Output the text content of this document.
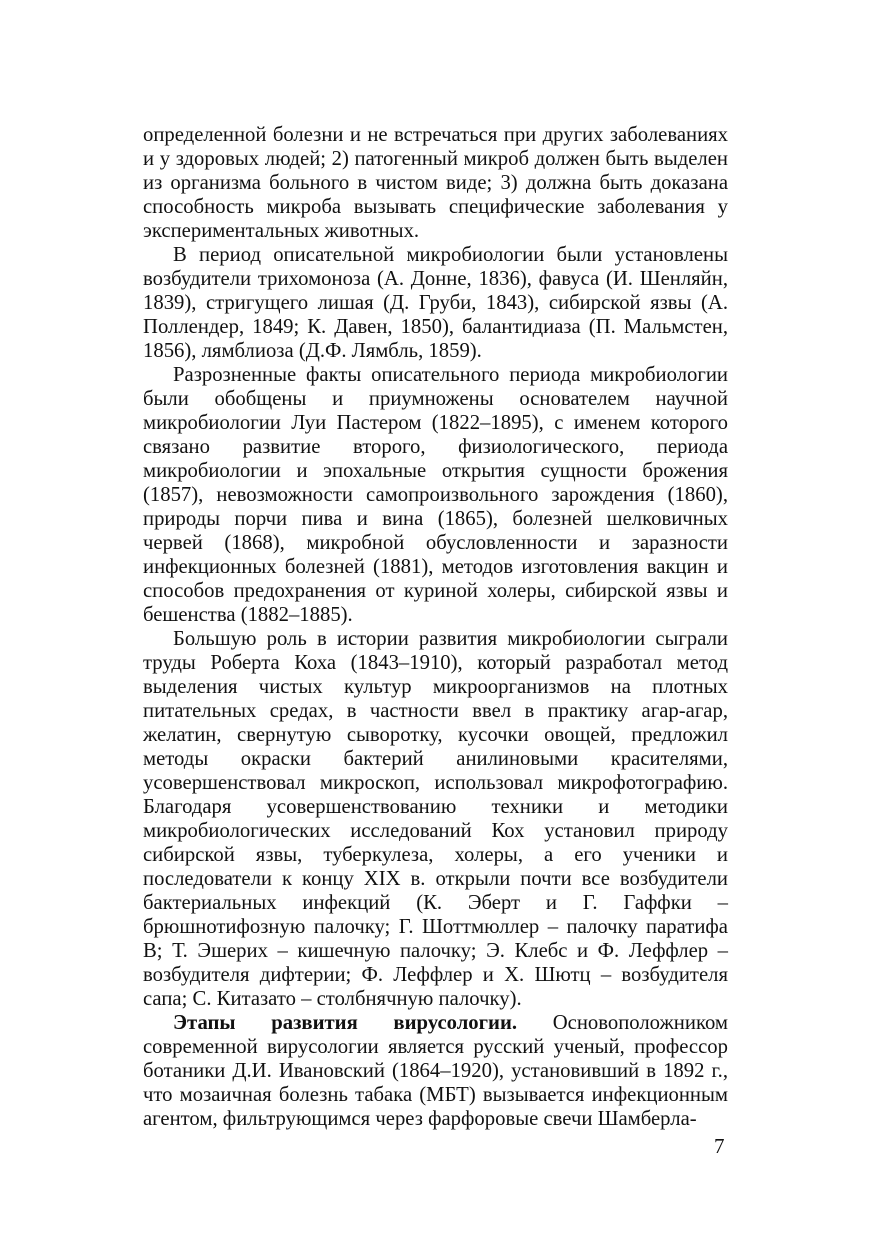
определенной болезни и не встречаться при других заболеваниях и у здоровых людей; 2) патогенный микроб должен быть выделен из организма больного в чистом виде; 3) должна быть доказана способность микроба вызывать специфические заболевания у экспериментальных животных.

В период описательной микробиологии были установлены возбудители трихомоноза (А. Донне, 1836), фавуса (И. Шенляйн, 1839), стригущего лишая (Д. Груби, 1843), сибирской язвы (А. Поллендер, 1849; К. Давен, 1850), балантидиаза (П. Мальмстен, 1856), лямблиоза (Д.Ф. Лямбль, 1859).

Разрозненные факты описательного периода микробиологии были обобщены и приумножены основателем научной микробиологии Луи Пастером (1822–1895), с именем которого связано развитие второго, физиологического, периода микробиологии и эпохальные открытия сущности брожения (1857), невозможности самопроизвольного зарождения (1860), природы порчи пива и вина (1865), болезней шелковичных червей (1868), микробной обусловленности и заразности инфекционных болезней (1881), методов изготовления вакцин и способов предохранения от куриной холеры, сибирской язвы и бешенства (1882–1885).

Большую роль в истории развития микробиологии сыграли труды Роберта Коха (1843–1910), который разработал метод выделения чистых культур микроорганизмов на плотных питательных средах, в частности ввел в практику агар-агар, желатин, свернутую сыворотку, кусочки овощей, предложил методы окраски бактерий анилиновыми красителями, усовершенствовал микроскоп, использовал микрофотографию. Благодаря усовершенствованию техники и методики микробиологических исследований Кох установил природу сибирской язвы, туберкулеза, холеры, а его ученики и последователи к концу XIX в. открыли почти все возбудители бактериальных инфекций (К. Эберт и Г. Гаффки – брюшнотифозную палочку; Г. Шоттмюллер – палочку паратифа В; Т. Эшерих – кишечную палочку; Э. Клебс и Ф. Леффлер – возбудителя дифтерии; Ф. Леффлер и Х. Шютц – возбудителя сапа; С. Китазато – столбнячную палочку).

Этапы развития вирусологии. Основоположником современной вирусологии является русский ученый, профессор ботаники Д.И. Ивановский (1864–1920), установивший в 1892 г., что мозаичная болезнь табака (МБТ) вызывается инфекционным агентом, фильтрующимся через фарфоровые свечи Шамберла-

7
